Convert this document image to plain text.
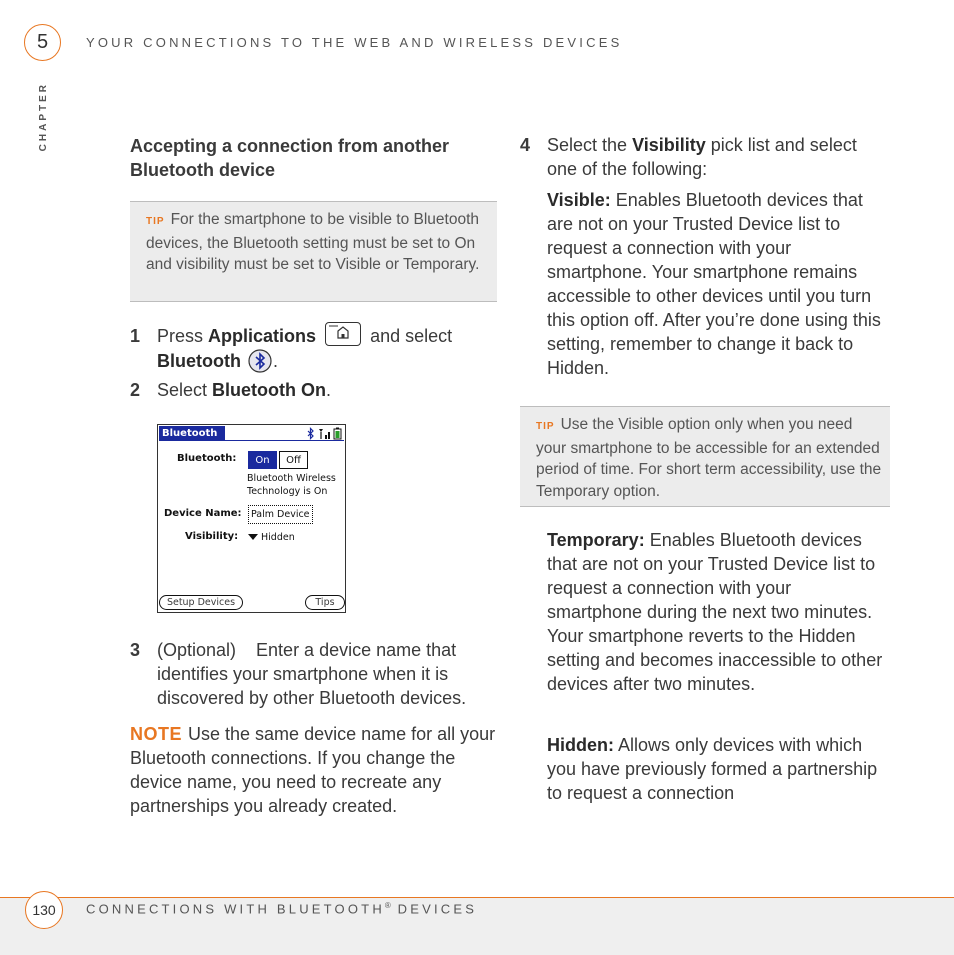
5	YOUR CONNECTIONS TO THE WEB AND WIRELESS DEVICES
CHAPTER	Accepting a connection from another Bluetooth device
TIP For the smartphone to be visible to Bluetooth devices, the Bluetooth setting must be set to On and visibility must be set to Visible or Temporary.
1 Press Applications	and select
Bluetooth .
2 Select Bluetooth On.
Bluetooth
Bluetooth:	On	Off
Bluetooth Wireless
Technology is On
Device Name: Palm Device
Visibility: Hidden
Setup Devices	Tips
3 (Optional)    Enter a device name that identifies your smartphone when it is discovered by other Bluetooth devices.
NOTE Use the same device name for all your Bluetooth connections. If you change the device name, you need to recreate any partnerships you already created.
4 Select the Visibility pick list and select one of the following:
Visible: Enables Bluetooth devices that are not on your Trusted Device list to request a connection with your smartphone. Your smartphone remains accessible to other devices until you turn this option off. After you’re done using this setting, remember to change it back to Hidden.
TIP Use the Visible option only when you need your smartphone to be accessible for an extended period of time. For short term accessibility, use the Temporary option.
Temporary: Enables Bluetooth devices that are not on your Trusted Device list to request a connection with your smartphone during the next two minutes. Your smartphone reverts to the Hidden setting and becomes inaccessible to other devices after two minutes.
Hidden: Allows only devices with which you have previously formed a partnership to request a connection
130	CONNECTIONS WITH BLUETOOTH® DEVICES
